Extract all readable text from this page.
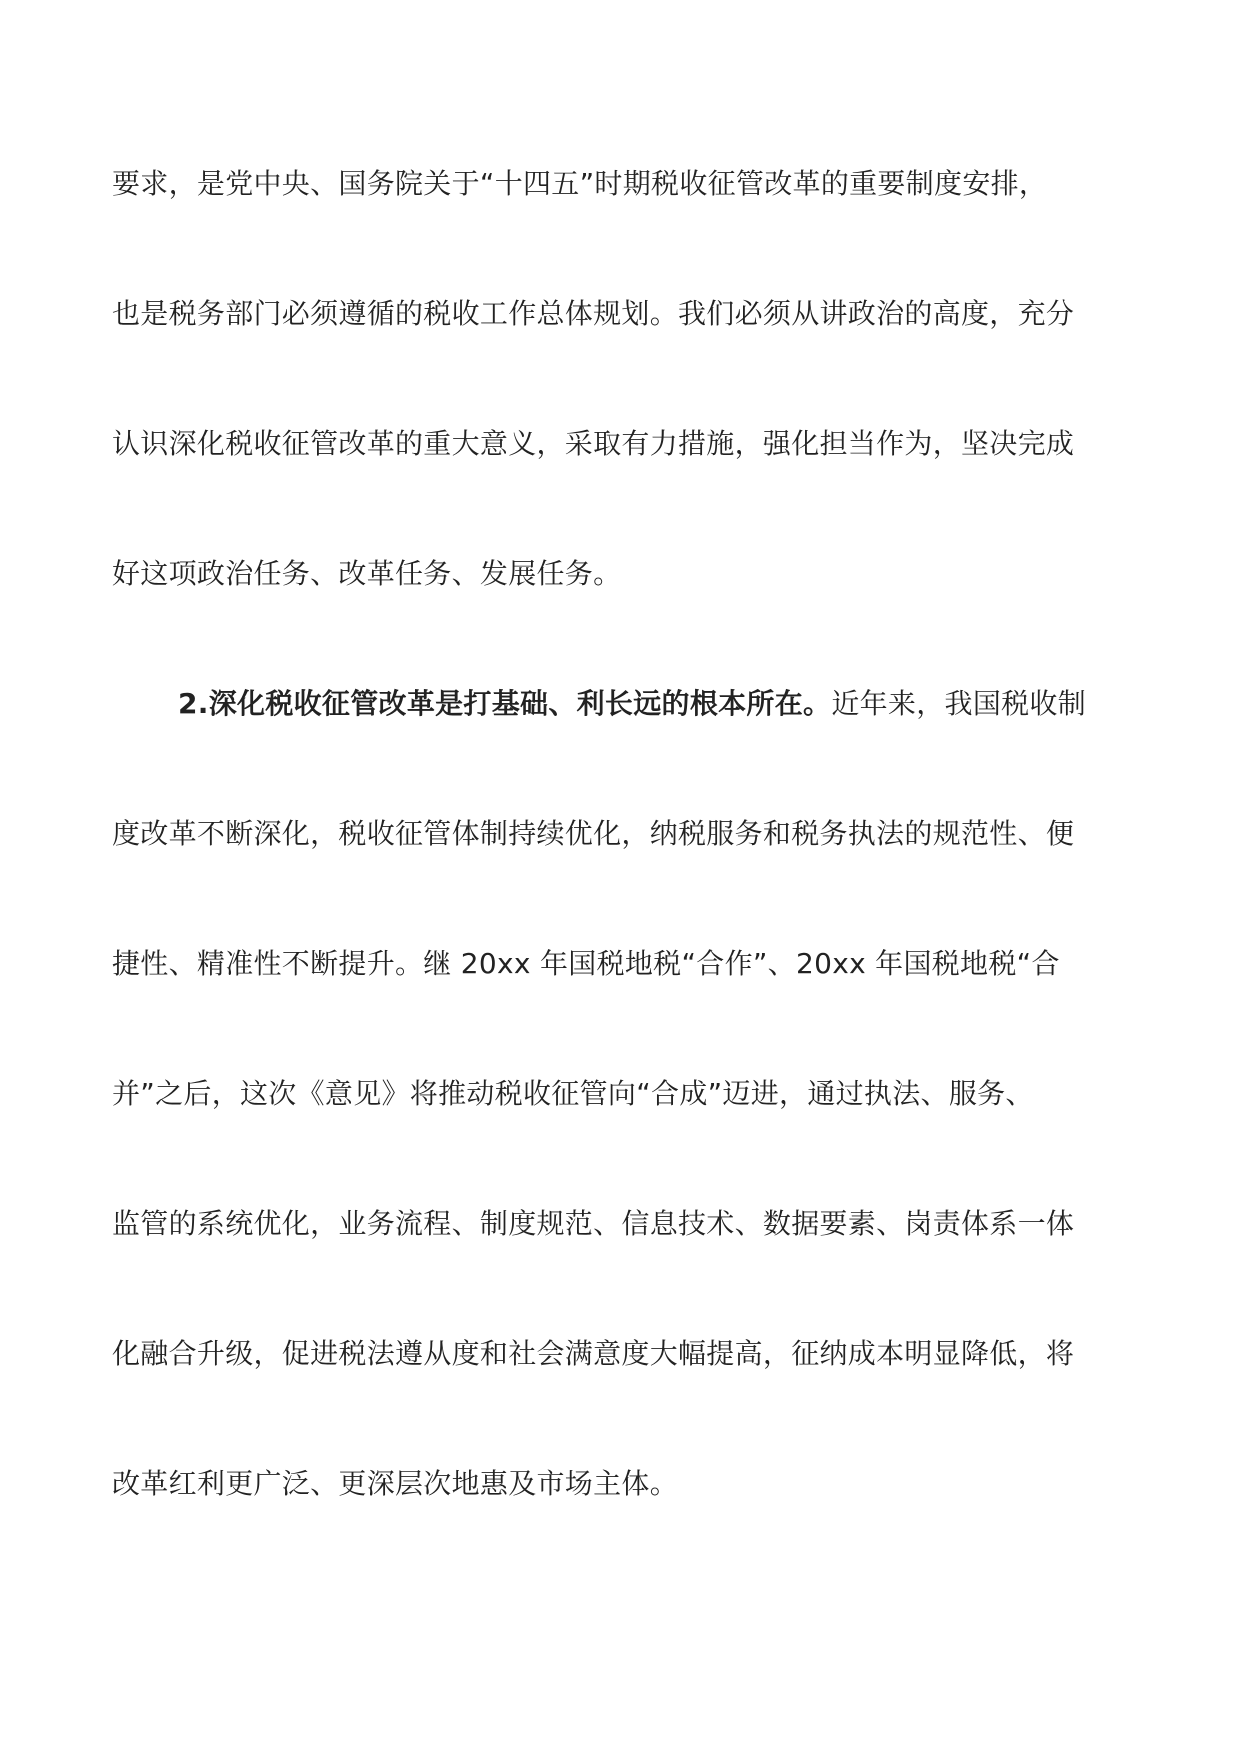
要求，是党中央、国务院关于“十四五”时期税收征管改革的重要制度安排，
也是税务部门必须遵循的税收工作总体规划。我们必须从讲政治的高度，充分
认识深化税收征管改革的重大意义，采取有力措施，强化担当作为，坚决完成
好这项政治任务、改革任务、发展任务。
2.深化税收征管改革是打基础、利长远的根本所在。近年来，我国税收制
度改革不断深化，税收征管体制持续优化，纳税服务和税务执法的规范性、便
捷性、精准性不断提升。继 20xx 年国税地税“合作”、20xx 年国税地税“合
并”之后，这次《意见》将推动税收征管向“合成”迈进，通过执法、服务、
监管的系统优化，业务流程、制度规范、信息技术、数据要素、岗责体系一体
化融合升级，促进税法遵从度和社会满意度大幅提高，征纳成本明显降低，将
改革红利更广泛、更深层次地惠及市场主体。
